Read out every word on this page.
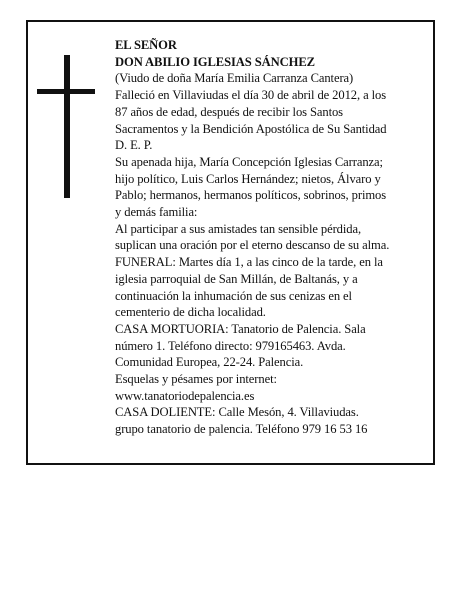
EL SEÑOR
DON ABILIO IGLESIAS SÁNCHEZ
(Viudo de doña María Emilia Carranza Cantera)
Falleció en Villaviudas el día 30 de abril de 2012, a los
87 años de edad, después de recibir los Santos
Sacramentos y la Bendición Apostólica de Su Santidad
D. E. P.
Su apenada hija, María Concepción Iglesias Carranza;
hijo político, Luis Carlos Hernández; nietos, Álvaro y
Pablo; hermanos, hermanos políticos, sobrinos, primos
y demás familia:
Al participar a sus amistades tan sensible pérdida,
suplican una oración por el eterno descanso de su alma.
FUNERAL: Martes día 1, a las cinco de la tarde, en la
iglesia parroquial de San Millán, de Baltanás, y a
continuación la inhumación de sus cenizas en el
cementerio de dicha localidad.
CASA MORTUORIA: Tanatorio de Palencia. Sala
número 1. Teléfono directo: 979165463. Avda.
Comunidad Europea, 22-24. Palencia.
Esquelas y pésames por internet:
www.tanatoriodepalencia.es
CASA DOLIENTE: Calle Mesón, 4. Villaviudas.
grupo tanatorio de palencia. Teléfono 979 16 53 16
